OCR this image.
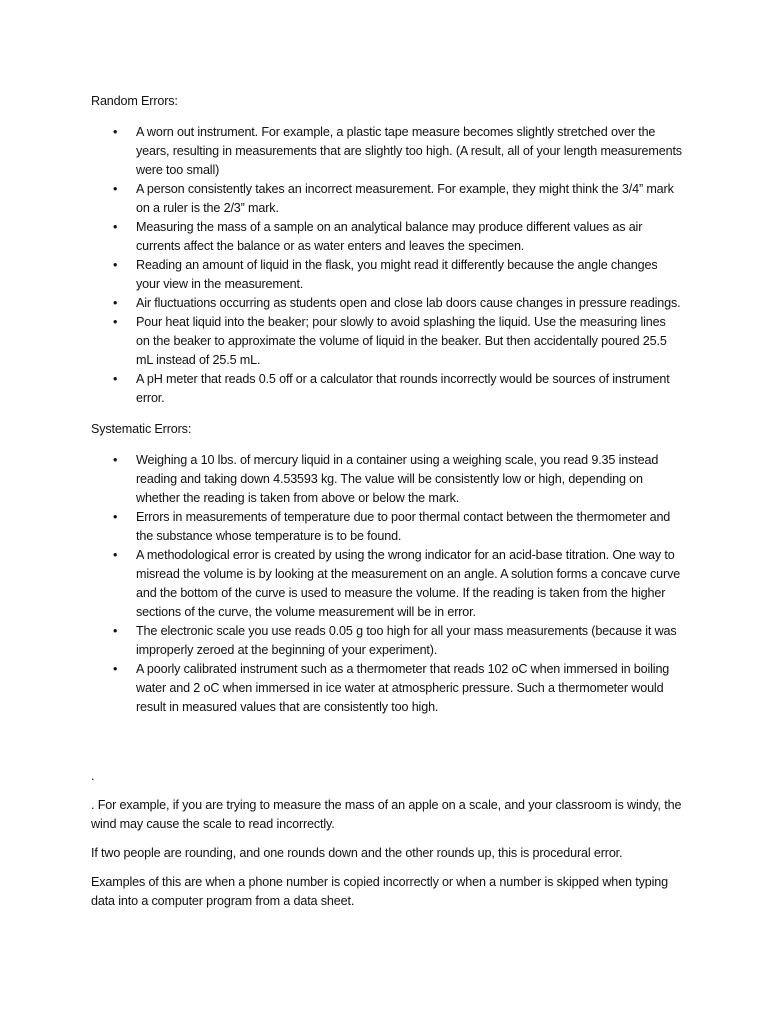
Random Errors:

• A worn out instrument. For example, a plastic tape measure becomes slightly stretched over the years, resulting in measurements that are slightly too high. (A result, all of your length measurements were too small)
• A person consistently takes an incorrect measurement. For example, they might think the 3/4” mark on a ruler is the 2/3” mark.
• Measuring the mass of a sample on an analytical balance may produce different values as air currents affect the balance or as water enters and leaves the specimen.
• Reading an amount of liquid in the flask, you might read it differently because the angle changes your view in the measurement.
• Air fluctuations occurring as students open and close lab doors cause changes in pressure readings.
• Pour heat liquid into the beaker; pour slowly to avoid splashing the liquid. Use the measuring lines on the beaker to approximate the volume of liquid in the beaker. But then accidentally poured 25.5 mL instead of 25.5 mL.
• A pH meter that reads 0.5 off or a calculator that rounds incorrectly would be sources of instrument error.

Systematic Errors:

• Weighing a 10 lbs. of mercury liquid in a container using a weighing scale, you read 9.35 instead reading and taking down 4.53593 kg. The value will be consistently low or high, depending on whether the reading is taken from above or below the mark.
• Errors in measurements of temperature due to poor thermal contact between the thermometer and the substance whose temperature is to be found.
• A methodological error is created by using the wrong indicator for an acid-base titration. One way to misread the volume is by looking at the measurement on an angle. A solution forms a concave curve and the bottom of the curve is used to measure the volume. If the reading is taken from the higher sections of the curve, the volume measurement will be in error.
• The electronic scale you use reads 0.05 g too high for all your mass measurements (because it was improperly zeroed at the beginning of your experiment).
• A poorly calibrated instrument such as a thermometer that reads 102 oC when immersed in boiling water and 2 oC when immersed in ice water at atmospheric pressure. Such a thermometer would result in measured values that are consistently too high.

.

. For example, if you are trying to measure the mass of an apple on a scale, and your classroom is windy, the wind may cause the scale to read incorrectly.

If two people are rounding, and one rounds down and the other rounds up, this is procedural error.

Examples of this are when a phone number is copied incorrectly or when a number is skipped when typing data into a computer program from a data sheet.
